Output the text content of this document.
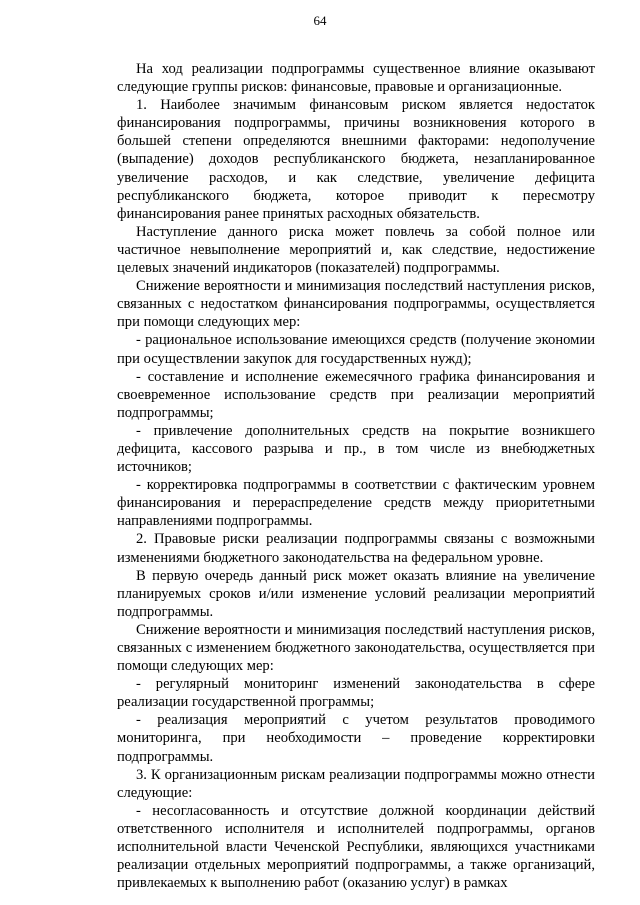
64

На ход реализации подпрограммы существенное влияние оказывают следующие группы рисков: финансовые, правовые и организационные.

1. Наиболее значимым финансовым риском является недостаток финансирования подпрограммы, причины возникновения которого в большей степени определяются внешними факторами: недополучение (выпадение) доходов республиканского бюджета, незапланированное увеличение расходов, и как следствие, увеличение дефицита республиканского бюджета, которое приводит к пересмотру финансирования ранее принятых расходных обязательств.

Наступление данного риска может повлечь за собой полное или частичное невыполнение мероприятий и, как следствие, недостижение целевых значений индикаторов (показателей) подпрограммы.

Снижение вероятности и минимизация последствий наступления рисков, связанных с недостатком финансирования подпрограммы, осуществляется при помощи следующих мер:

- рациональное использование имеющихся средств (получение экономии при осуществлении закупок для государственных нужд);

- составление и исполнение ежемесячного графика финансирования и своевременное использование средств при реализации мероприятий подпрограммы;

- привлечение дополнительных средств на покрытие возникшего дефицита, кассового разрыва и пр., в том числе из внебюджетных источников;

- корректировка подпрограммы в соответствии с фактическим уровнем финансирования и перераспределение средств между приоритетными направлениями подпрограммы.

2. Правовые риски реализации подпрограммы связаны с возможными изменениями бюджетного законодательства на федеральном уровне.

В первую очередь данный риск может оказать влияние на увеличение планируемых сроков и/или изменение условий реализации мероприятий подпрограммы.

Снижение вероятности и минимизация последствий наступления рисков, связанных с изменением бюджетного законодательства, осуществляется при помощи следующих мер:

- регулярный мониторинг изменений законодательства в сфере реализации государственной программы;

- реализация мероприятий с учетом результатов проводимого мониторинга, при необходимости – проведение корректировки подпрограммы.

3. К организационным рискам реализации подпрограммы можно отнести следующие:

- несогласованность и отсутствие должной координации действий ответственного исполнителя и исполнителей подпрограммы, органов исполнительной власти Чеченской Республики, являющихся участниками реализации отдельных мероприятий подпрограммы, а также организаций, привлекаемых к выполнению работ (оказанию услуг) в рамках
